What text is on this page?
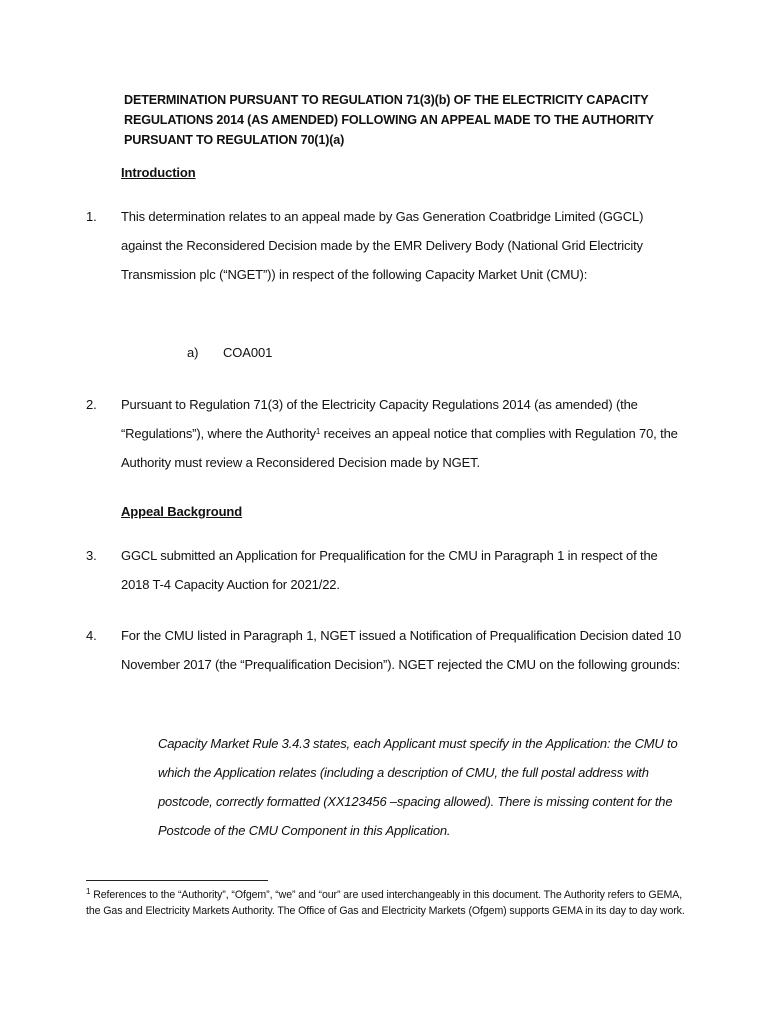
DETERMINATION PURSUANT TO REGULATION 71(3)(b) OF THE ELECTRICITY CAPACITY REGULATIONS 2014 (AS AMENDED) FOLLOWING AN APPEAL MADE TO THE AUTHORITY PURSUANT TO REGULATION 70(1)(a)
Introduction
1. This determination relates to an appeal made by Gas Generation Coatbridge Limited (GGCL) against the Reconsidered Decision made by the EMR Delivery Body (National Grid Electricity Transmission plc (“NGET”)) in respect of the following Capacity Market Unit (CMU):
a) COA001
2. Pursuant to Regulation 71(3) of the Electricity Capacity Regulations 2014 (as amended) (the “Regulations”), where the Authority$^1$ receives an appeal notice that complies with Regulation 70, the Authority must review a Reconsidered Decision made by NGET.
Appeal Background
3. GGCL submitted an Application for Prequalification for the CMU in Paragraph 1 in respect of the 2018 T-4 Capacity Auction for 2021/22.
4. For the CMU listed in Paragraph 1, NGET issued a Notification of Prequalification Decision dated 10 November 2017 (the “Prequalification Decision”). NGET rejected the CMU on the following grounds:
Capacity Market Rule 3.4.3 states, each Applicant must specify in the Application: the CMU to which the Application relates (including a description of CMU, the full postal address with postcode, correctly formatted (XX123456 –spacing allowed). There is missing content for the Postcode of the CMU Component in this Application.
$^1$ References to the “Authority”, “Ofgem”, “we” and “our” are used interchangeably in this document. The Authority refers to GEMA, the Gas and Electricity Markets Authority. The Office of Gas and Electricity Markets (Ofgem) supports GEMA in its day to day work.
